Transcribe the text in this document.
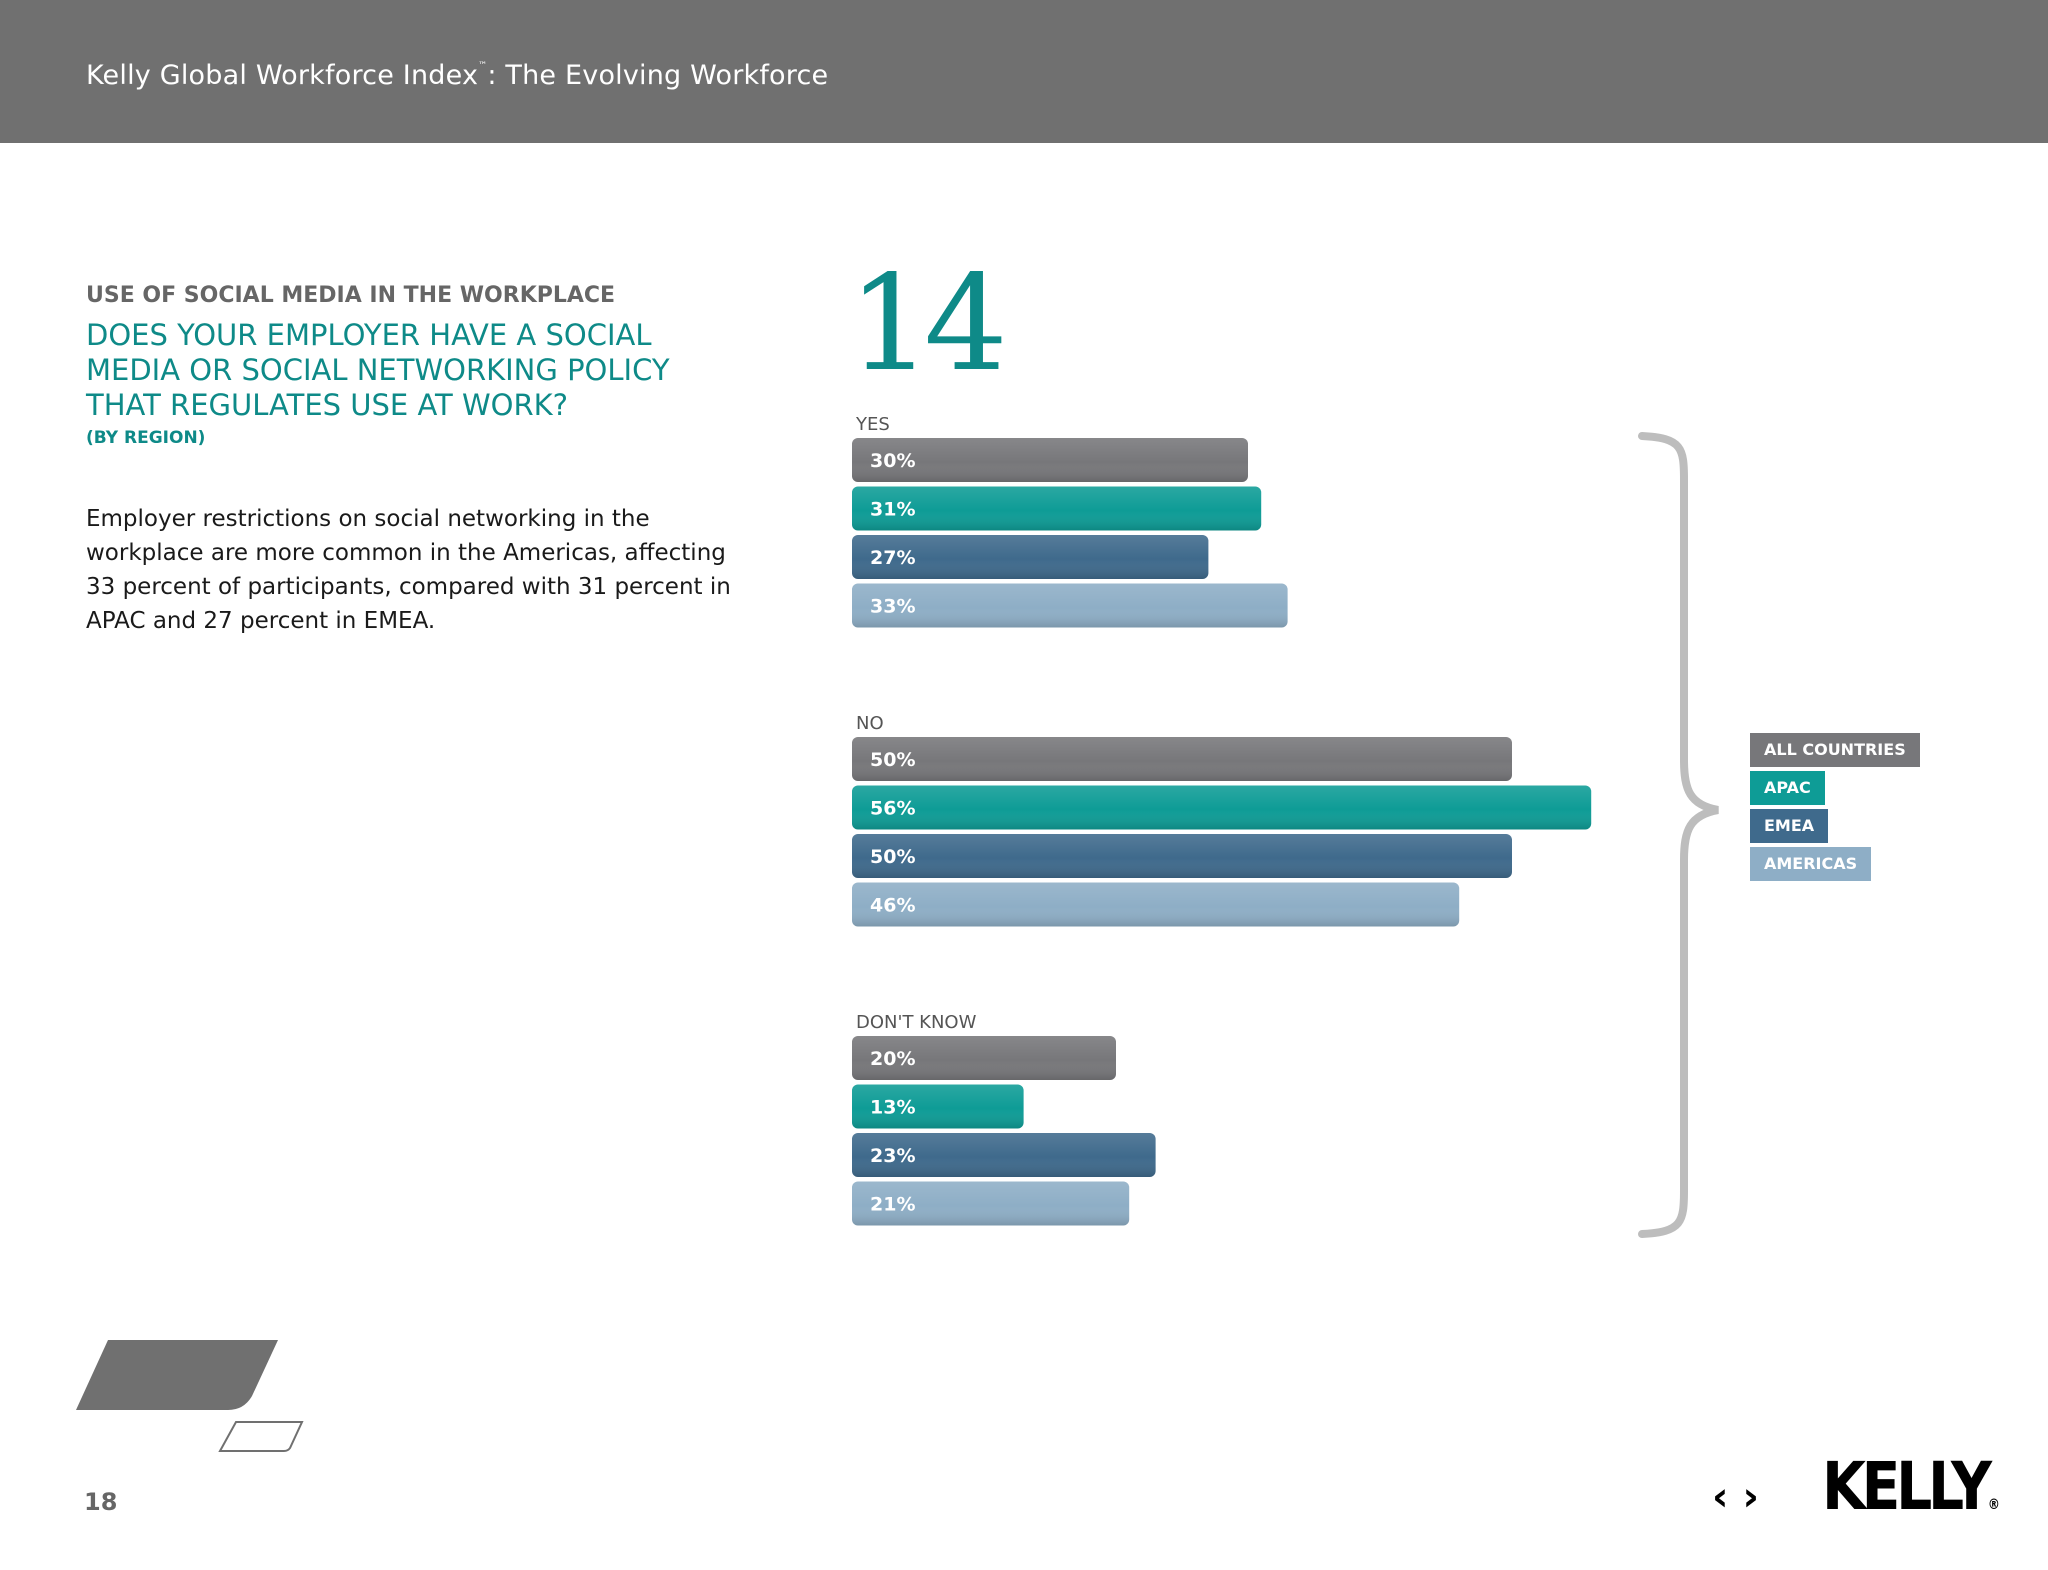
Kelly Global Workforce Index™: The Evolving Workforce
USE OF SOCIAL MEDIA IN THE WORKPLACE
DOES YOUR EMPLOYER HAVE A SOCIAL MEDIA OR SOCIAL NETWORKING POLICY THAT REGULATES USE AT WORK?
(BY REGION)
Employer restrictions on social networking in the workplace are more common in the Americas, affecting 33 percent of participants, compared with 31 percent in APAC and 27 percent in EMEA.
14
YES
30%
31%
27%
33%
NO
50%
56%
50%
46%
DON'T KNOW
20%
13%
23%
21%
ALL COUNTRIES
APAC
EMEA
AMERICAS
18	‹› KELLY®
